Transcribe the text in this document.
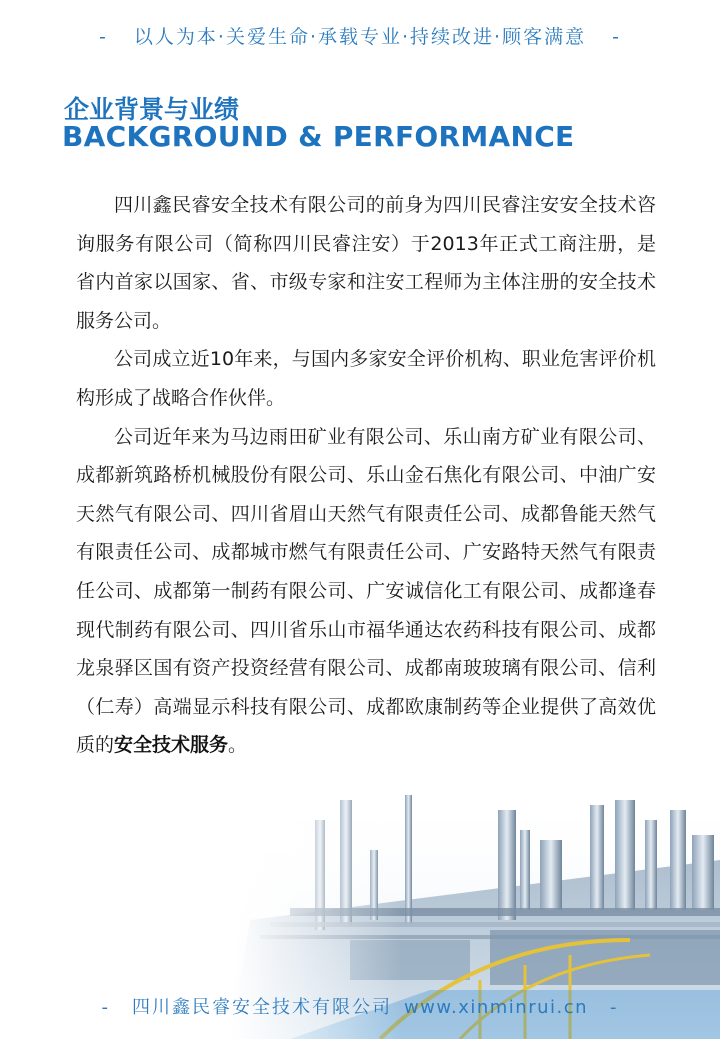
- 以人为本·关爱生命·承载专业·持续改进·顾客满意 -
企业背景与业绩
BACKGROUND & PERFORMANCE

四川鑫民睿安全技术有限公司的前身为四川民睿注安安全技术咨询服务有限公司（简称四川民睿注安）于2013年正式工商注册，是省内首家以国家、省、市级专家和注安工程师为主体注册的安全技术服务公司。

公司成立近10年来，与国内多家安全评价机构、职业危害评价机构形成了战略合作伙伴。

公司近年来为马边雨田矿业有限公司、乐山南方矿业有限公司、成都新筑路桥机械股份有限公司、乐山金石焦化有限公司、中油广安天然气有限公司、四川省眉山天然气有限责任公司、成都鲁能天然气有限责任公司、成都城市燃气有限责任公司、广安路特天然气有限责任公司、成都第一制药有限公司、广安诚信化工有限公司、成都逢春现代制药有限公司、四川省乐山市福华通达农药科技有限公司、成都龙泉驿区国有资产投资经营有限公司、成都南玻玻璃有限公司、信利（仁寿）高端显示科技有限公司、成都欧康制药等企业提供了高效优质的安全技术服务。

- 四川鑫民睿安全技术有限公司 www.xinminrui.cn -
